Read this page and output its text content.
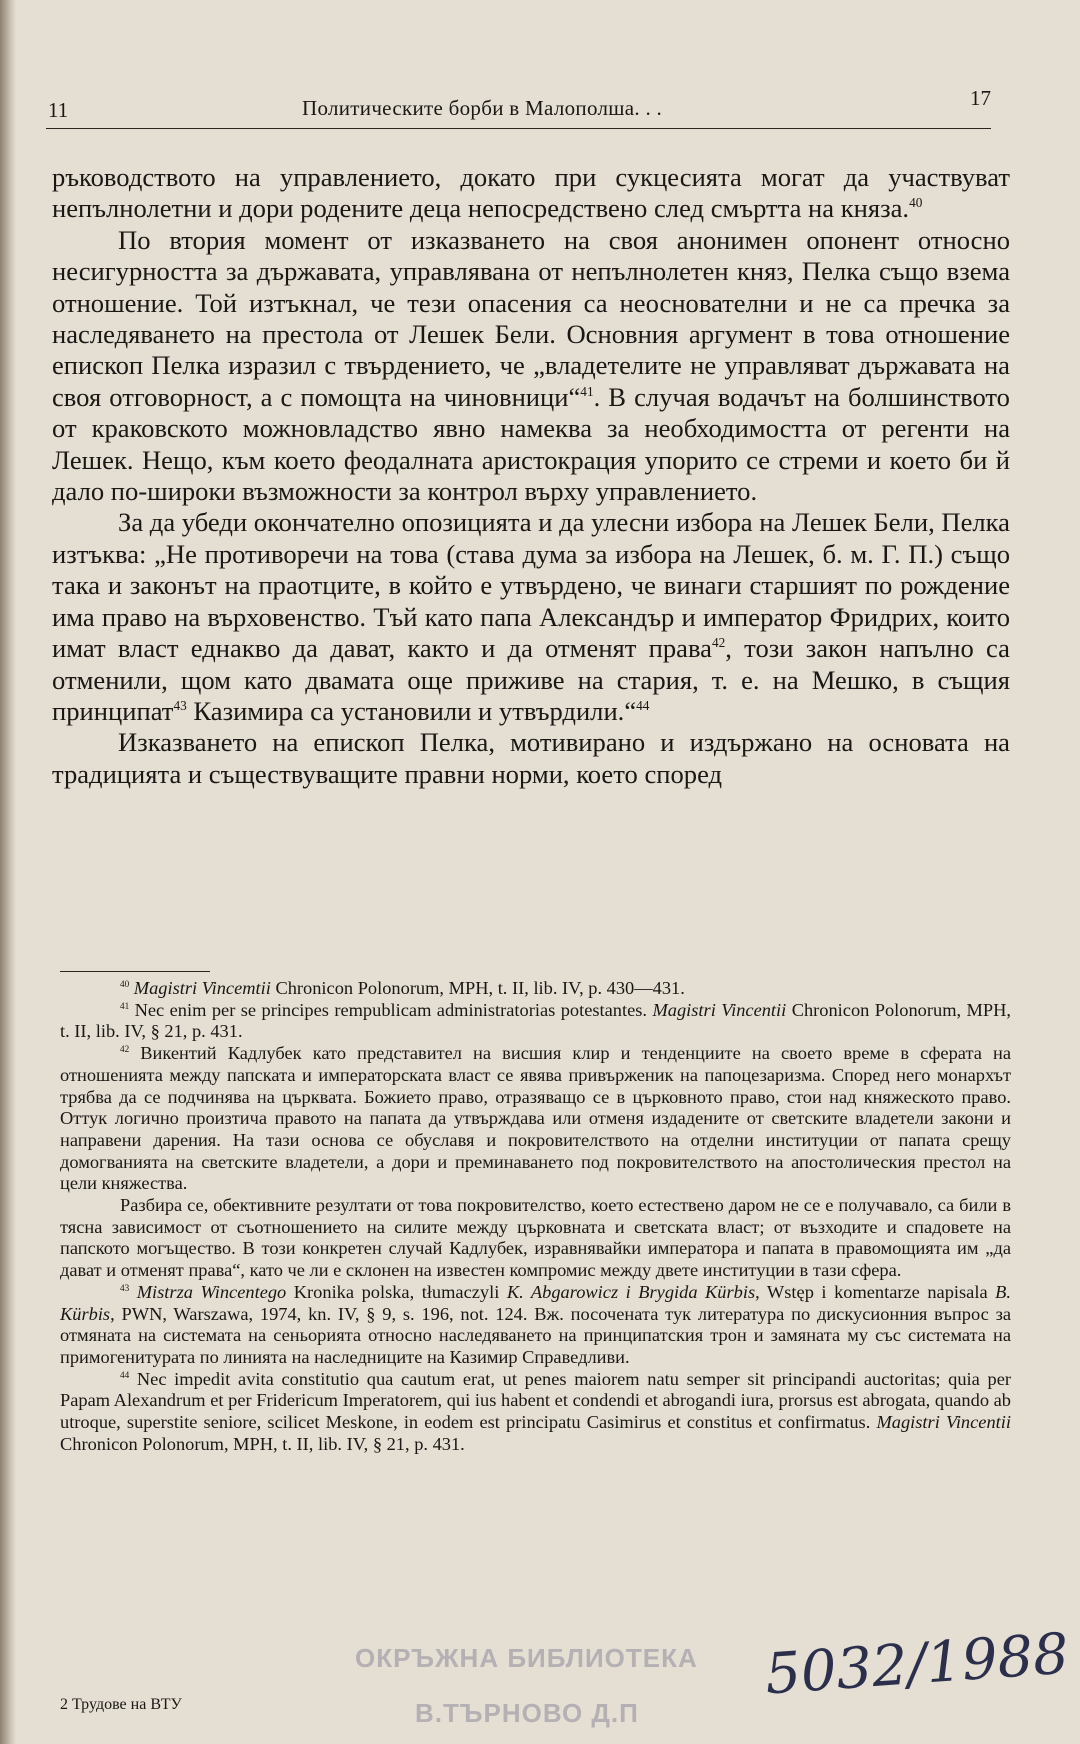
11	Политическите борби в Малополша. . .	17

ръководството на управлението, докато при сукцесията могат да участвуват непълнолетни и дори родените деца непосредствено след смъртта на княза.$^{40}$

По втория момент от изказването на своя анонимен опонент относно несигурността за държавата, управлявана от непълнолетен княз, Пелка също взема отношение. Той изтъкнал, че тези опасения са неоснователни и не са пречка за наследяването на престола от Лешек Бели. Основния аргумент в това отношение епископ Пелка изразил с твърдението, че „владетелите не управляват държавата на своя отговорност, а с помощта на чиновници“$^{41}$. В случая водачът на болшинството от краковското можновладство явно намеква за необходимостта от регенти на Лешек. Нещо, към което феодалната аристокрация упорито се стреми и което би й дало по-широки възможности за контрол върху управлението.

За да убеди окончателно опозицията и да улесни избора на Лешек Бели, Пелка изтъква: „Не противоречи на това (става дума за избора на Лешек, б. м. Г. П.) също така и законът на праотците, в който е утвърдено, че винаги старшият по рождение има право на върховенство. Тъй като папа Александър и император Фридрих, които имат власт еднакво да дават, както и да отменят права$^{42}$, този закон напълно са отменили, щом като двамата още приживе на стария, т. е. на Мешко, в същия принципат$^{43}$ Казимира са установили и утвърдили.“$^{44}$

Изказването на епископ Пелка, мотивирано и издържано на основата на традицията и съществуващите правни норми, което според

$^{40}$ Magistri Vincemtii Chronicon Polonorum, MPH, t. II, lib. IV, p. 430—431.

$^{41}$ Nec enim per se principes rempublicam administratorias potestantes. Magistri Vincentii Chronicon Polonorum, MPH, t. II, lib. IV, § 21, p. 431.

$^{42}$ Викентий Кадлубек като представител на висшия клир и тенденциите на своето време в сферата на отношенията между папската и императорската власт се явява привърженик на папоцезаризма. Според него монархът трябва да се подчинява на църквата. Божието право, отразяващо се в църковното право, стои над княжеското право. Оттук логично произтича правото на папата да утвърждава или отменя издадените от светските владетели закони и направени дарения. На тази основа се обуславя и покровителството на отделни институции от папата срещу домогванията на светските владетели, а дори и преминаването под покровителството на апостолическия престол на цели княжества.

Разбира се, обективните резултати от това покровителство, което естествено даром не се е получавало, са били в тясна зависимост от съотношението на силите между църковната и светската власт; от възходите и спадовете на папското могъщество. В този конкретен случай Кадлубек, изравнявайки императора и папата в правомощията им „да дават и отменят права“, като че ли е склонен на известен компромис между двете институции в тази сфера.

$^{43}$ Mistrza Wincentego Kronika polska, tłumaczyli K. Abgarowicz i Brygida Kürbis, Wstęp i komentarze napisala B. Kürbis, PWN, Warszawa, 1974, kn. IV, § 9, s. 196, not. 124. Вж. посочената тук литература по дискусионния въпрос за отмяната на системата на сеньорията относно наследяването на принципатския трон и замяната му със системата на примогенитурата по линията на наследниците на Казимир Справедливи.

$^{44}$ Nec impedit avita constitutio qua cautum erat, ut penes maiorem natu semper sit principandi auctoritas; quia per Papam Alexandrum et per Fridericum Imperatorem, qui ius habent et condendi et abrogandi iura, prorsus est abrogata, quando ab utroque, superstite seniore, scilicet Meskone, in eodem est principatu Casimirus et constitus et confirmatus. Magistri Vincentii Chronicon Polonorum, MPH, t. II, lib. IV, § 21, p. 431.

2 Трудове на ВТУ
ОКРЪЖНА БИБЛИОТЕКА
В.ТЪРНОВО Д.П
5032/1988
